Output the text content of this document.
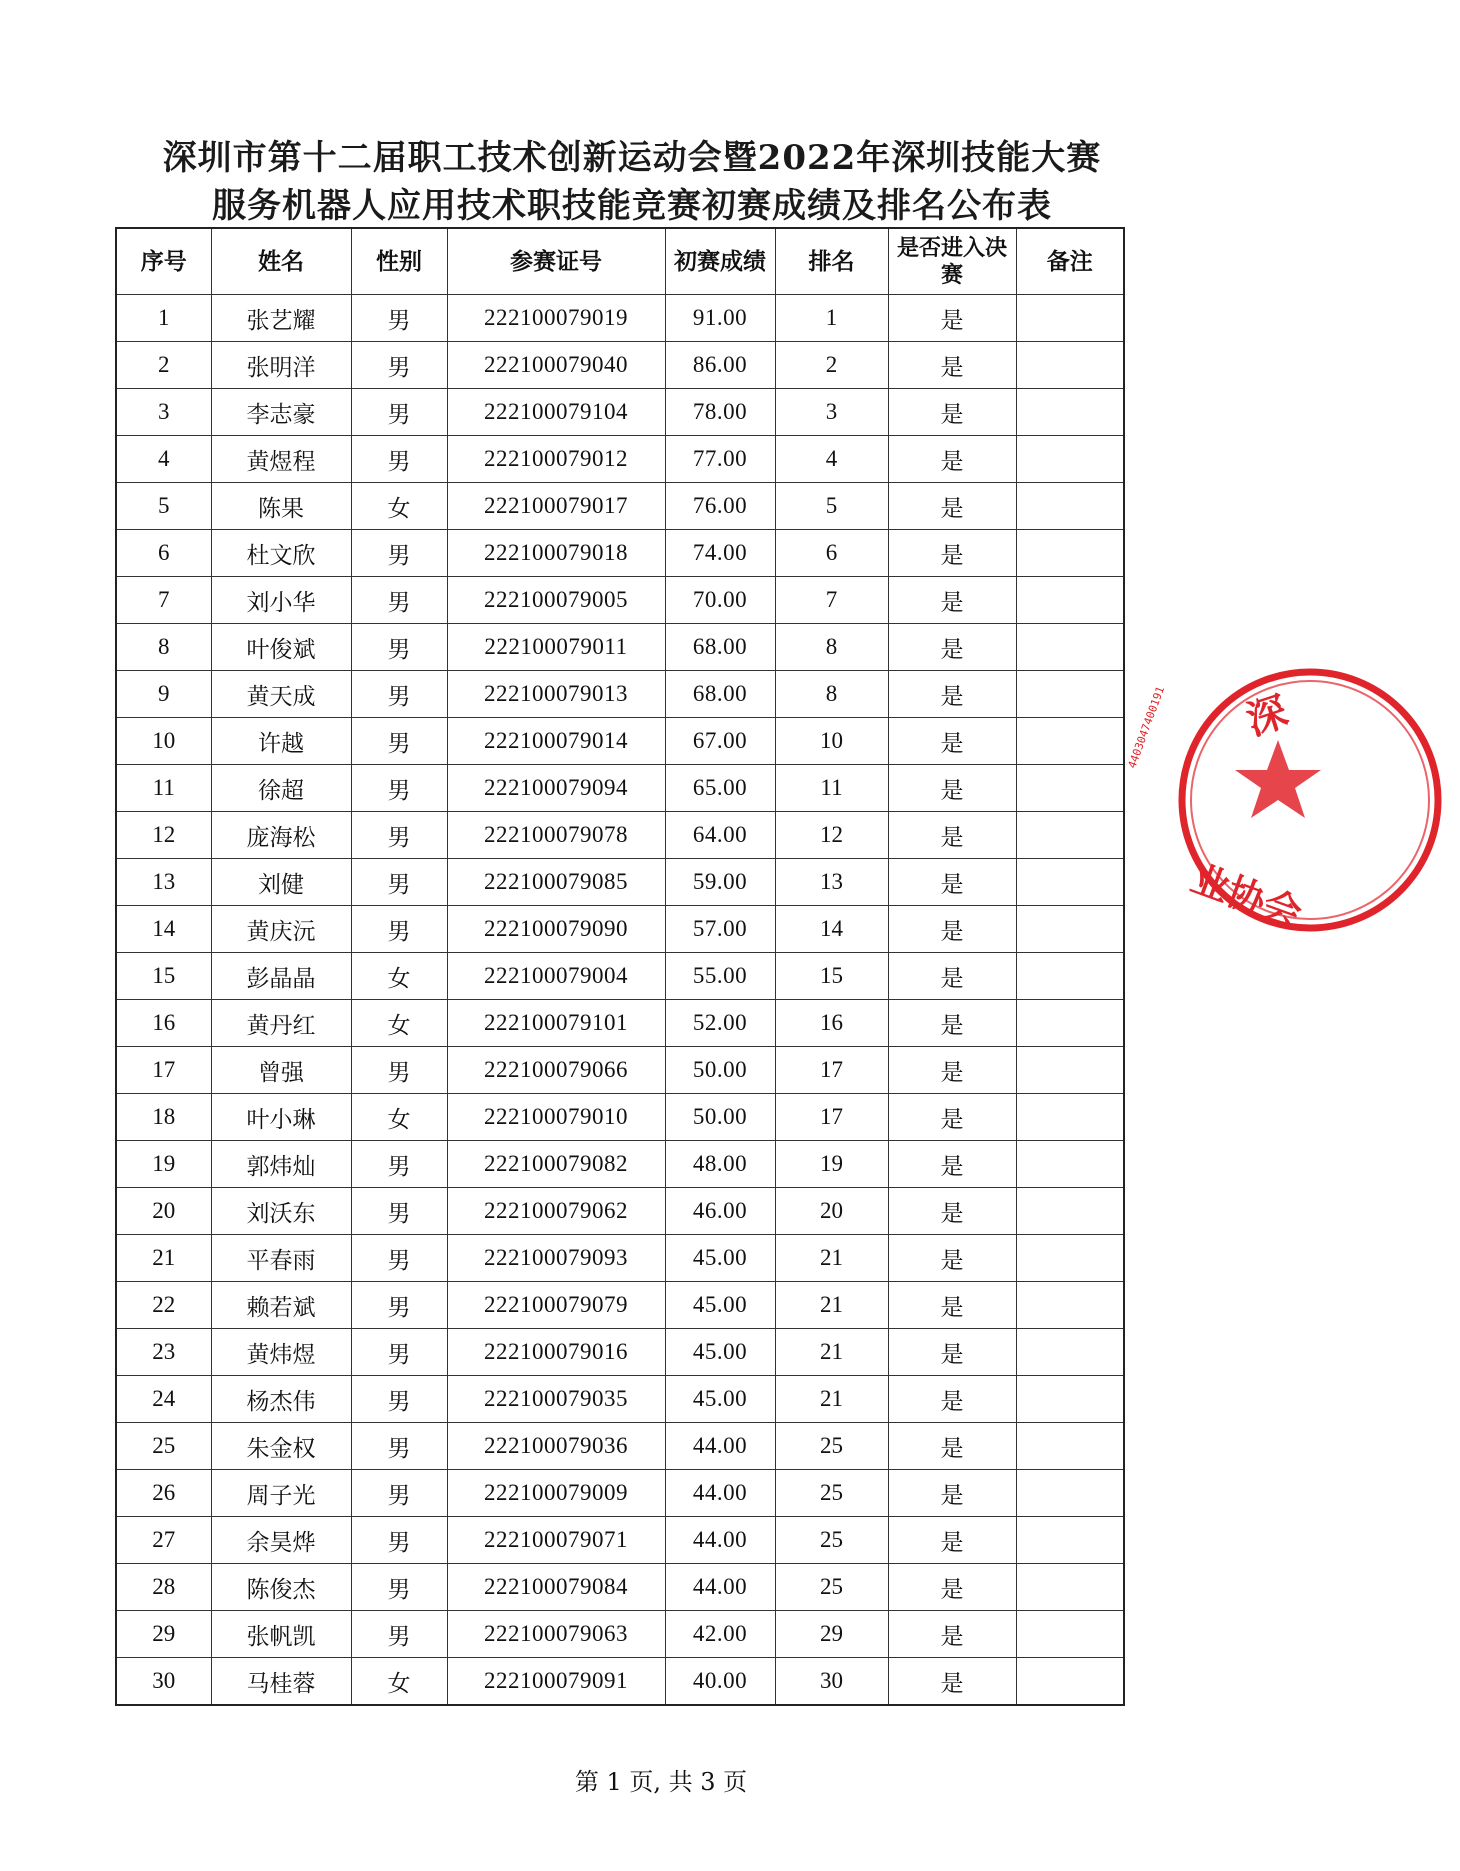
深圳市第十二届职工技术创新运动会暨2022年深圳技能大赛
服务机器人应用技术职技能竞赛初赛成绩及排名公布表
序号	姓名	性别	参赛证号	初赛成绩	排名	是否进入决赛	备注
1	张艺耀	男	222100079019	91.00	1	是	
2	张明洋	男	222100079040	86.00	2	是	
3	李志豪	男	222100079104	78.00	3	是	
4	黄煜程	男	222100079012	77.00	4	是	
5	陈果	女	222100079017	76.00	5	是	
6	杜文欣	男	222100079018	74.00	6	是	
7	刘小华	男	222100079005	70.00	7	是	
8	叶俊斌	男	222100079011	68.00	8	是	
9	黄天成	男	222100079013	68.00	8	是	
10	许越	男	222100079014	67.00	10	是	
11	徐超	男	222100079094	65.00	11	是	
12	庞海松	男	222100079078	64.00	12	是	
13	刘健	男	222100079085	59.00	13	是	
14	黄庆沅	男	222100079090	57.00	14	是	
15	彭晶晶	女	222100079004	55.00	15	是	
16	黄丹红	女	222100079101	52.00	16	是	
17	曾强	男	222100079066	50.00	17	是	
18	叶小琳	女	222100079010	50.00	17	是	
19	郭炜灿	男	222100079082	48.00	19	是	
20	刘沃东	男	222100079062	46.00	20	是	
21	平春雨	男	222100079093	45.00	21	是	
22	赖若斌	男	222100079079	45.00	21	是	
23	黄炜煜	男	222100079016	45.00	21	是	
24	杨杰伟	男	222100079035	45.00	21	是	
25	朱金权	男	222100079036	44.00	25	是	
26	周子光	男	222100079009	44.00	25	是	
27	余昊烨	男	222100079071	44.00	25	是	
28	陈俊杰	男	222100079084	44.00	25	是	
29	张帆凯	男	222100079063	42.00	29	是	
30	马桂蓉	女	222100079091	40.00	30	是	
第 1 页, 共 3 页
深
业协会
4403047400191
